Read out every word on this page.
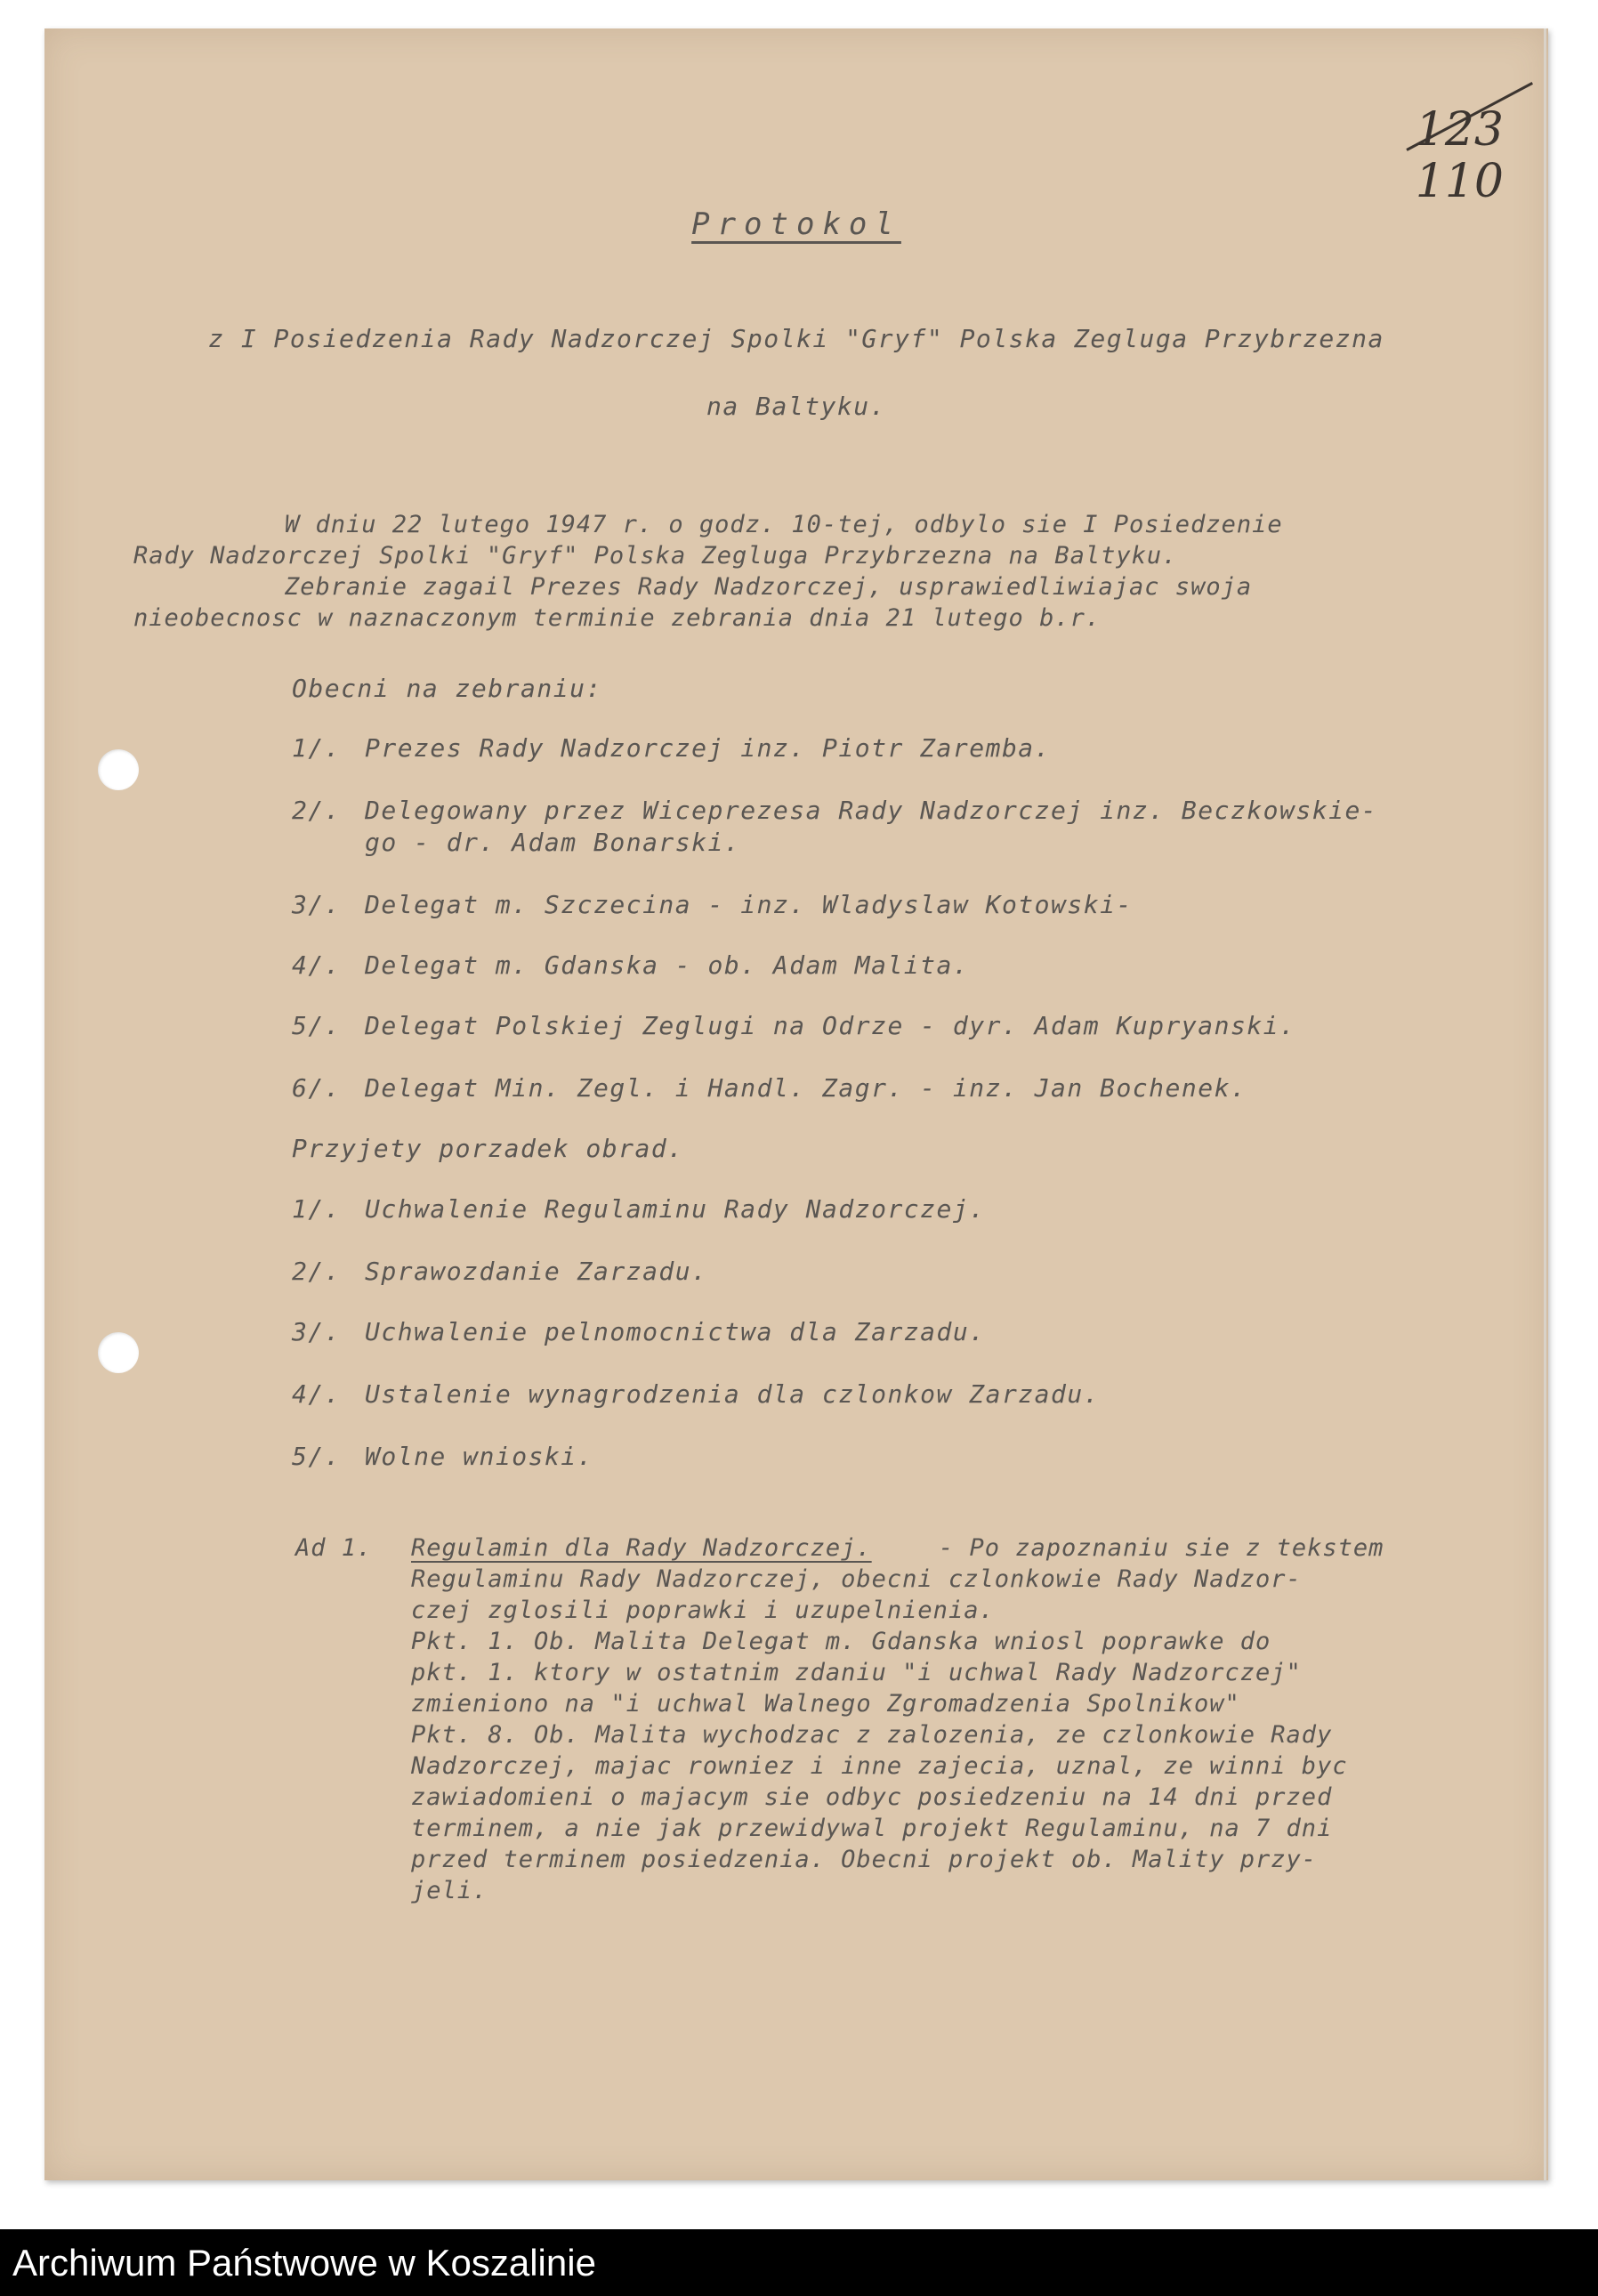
123
110
Protokol
z I Posiedzenia Rady Nadzorczej Spolki "Gryf" Polska Zegluga Przybrzezna
na Baltyku.
W dniu 22 lutego 1947 r. o godz. 10-tej, odbylo sie I Posiedzenie
Rady Nadzorczej Spolki "Gryf" Polska Zegluga Przybrzezna na Baltyku.
Zebranie zagail Prezes Rady Nadzorczej, usprawiedliwiajac swoja
nieobecnosc w naznaczonym terminie zebrania dnia 21 lutego b.r.
Obecni na zebraniu:
1/. Prezes Rady Nadzorczej inz. Piotr Zaremba.
2/. Delegowany przez Wiceprezesa Rady Nadzorczej inz. Beczkowskie-
go - dr. Adam Bonarski.
3/. Delegat m. Szczecina - inz. Wladyslaw Kotowski-
4/. Delegat m. Gdanska - ob. Adam Malita.
5/. Delegat Polskiej Zeglugi na Odrze - dyr. Adam Kupryanski.
6/. Delegat Min. Zegl. i Handl. Zagr. - inz. Jan Bochenek.
Przyjety porzadek obrad.
1/. Uchwalenie Regulaminu Rady Nadzorczej.
2/. Sprawozdanie Zarzadu.
3/. Uchwalenie pelnomocnictwa dla Zarzadu.
4/. Ustalenie wynagrodzenia dla czlonkow Zarzadu.
5/. Wolne wnioski.
Ad 1. Regulamin dla Rady Nadzorczej.	- Po zapoznaniu sie z tekstem
Regulaminu Rady Nadzorczej, obecni czlonkowie Rady Nadzor-
czej zglosili poprawki i uzupelnienia.
Pkt. 1. Ob. Malita Delegat m. Gdanska wniosl poprawke do
pkt. 1. ktory w ostatnim zdaniu "i uchwal Rady Nadzorczej"
zmieniono na "i uchwal Walnego Zgromadzenia Spolnikow"
Pkt. 8. Ob. Malita wychodzac z zalozenia, ze czlonkowie Rady
Nadzorczej, majac rowniez i inne zajecia, uznal, ze winni byc
zawiadomieni o majacym sie odbyc posiedzeniu na 14 dni przed
terminem, a nie jak przewidywal projekt Regulaminu, na 7 dni
przed terminem posiedzenia. Obecni projekt ob. Mality przy-
jeli.
Archiwum Państwowe w Koszalinie
